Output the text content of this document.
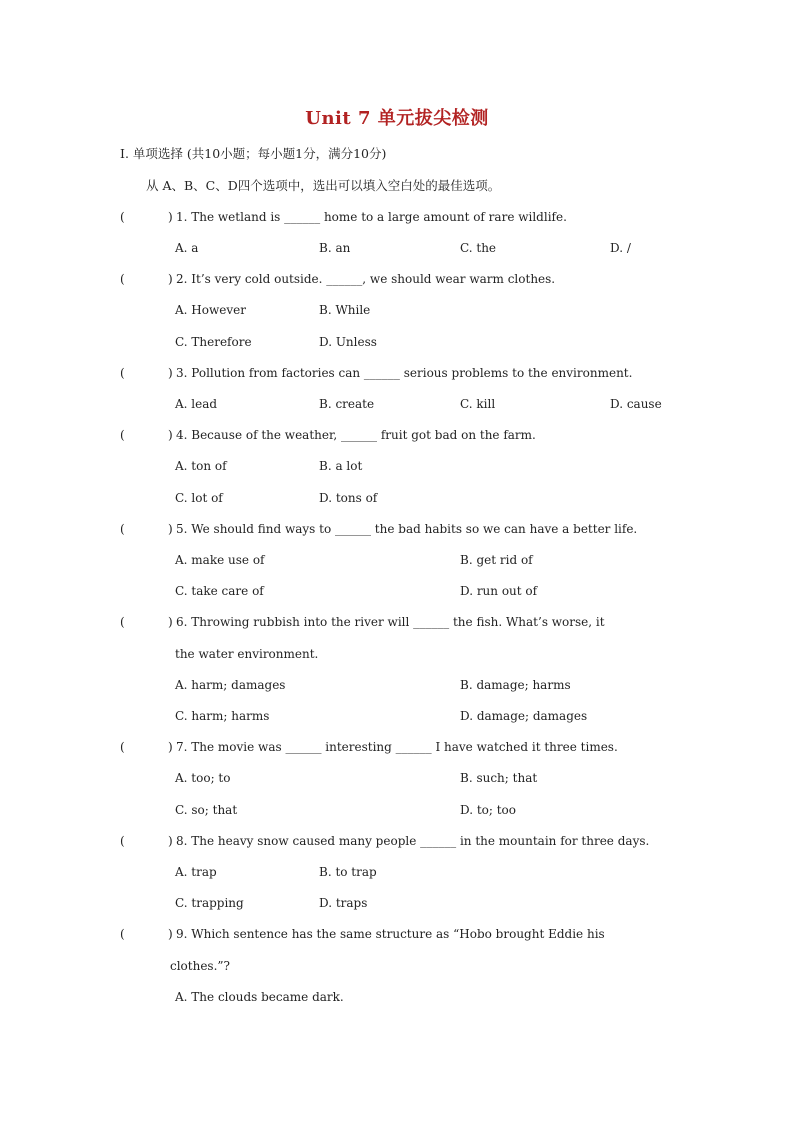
Unit 7 单元拔尖检测
I. 单项选择 (共10小题；每小题1分，满分10分)
从 A、B、C、D四个选项中，选出可以填入空白处的最佳选项。
(	) 1. The wetland is ______ home to a large amount of rare wildlife.
A. a	B. an	C. the	D. /
(	) 2. It’s very cold outside. ______, we should wear warm clothes.
A. However	B. While
C. Therefore	D. Unless
(	) 3. Pollution from factories can ______ serious problems to the environment.
A. lead	B. create	C. kill	D. cause
(	) 4. Because of the weather, ______ fruit got bad on the farm.
A. ton of	B. a lot
C. lot of	D. tons of
(	) 5. We should find ways to ______ the bad habits so we can have a better life.
A. make use of	B. get rid of
C. take care of	D. run out of
(	) 6. Throwing rubbish into the river will ______ the fish. What’s worse, it
the water environment.
A. harm; damages	B. damage; harms
C. harm; harms	D. damage; damages
(	) 7. The movie was ______ interesting ______ I have watched it three times.
A. too; to	B. such; that
C. so; that	D. to; too
(	) 8. The heavy snow caused many people ______ in the mountain for three days.
A. trap	B. to trap
C. trapping	D. traps
(	) 9. Which sentence has the same structure as “Hobo brought Eddie his
clothes.”?
A. The clouds became dark.
